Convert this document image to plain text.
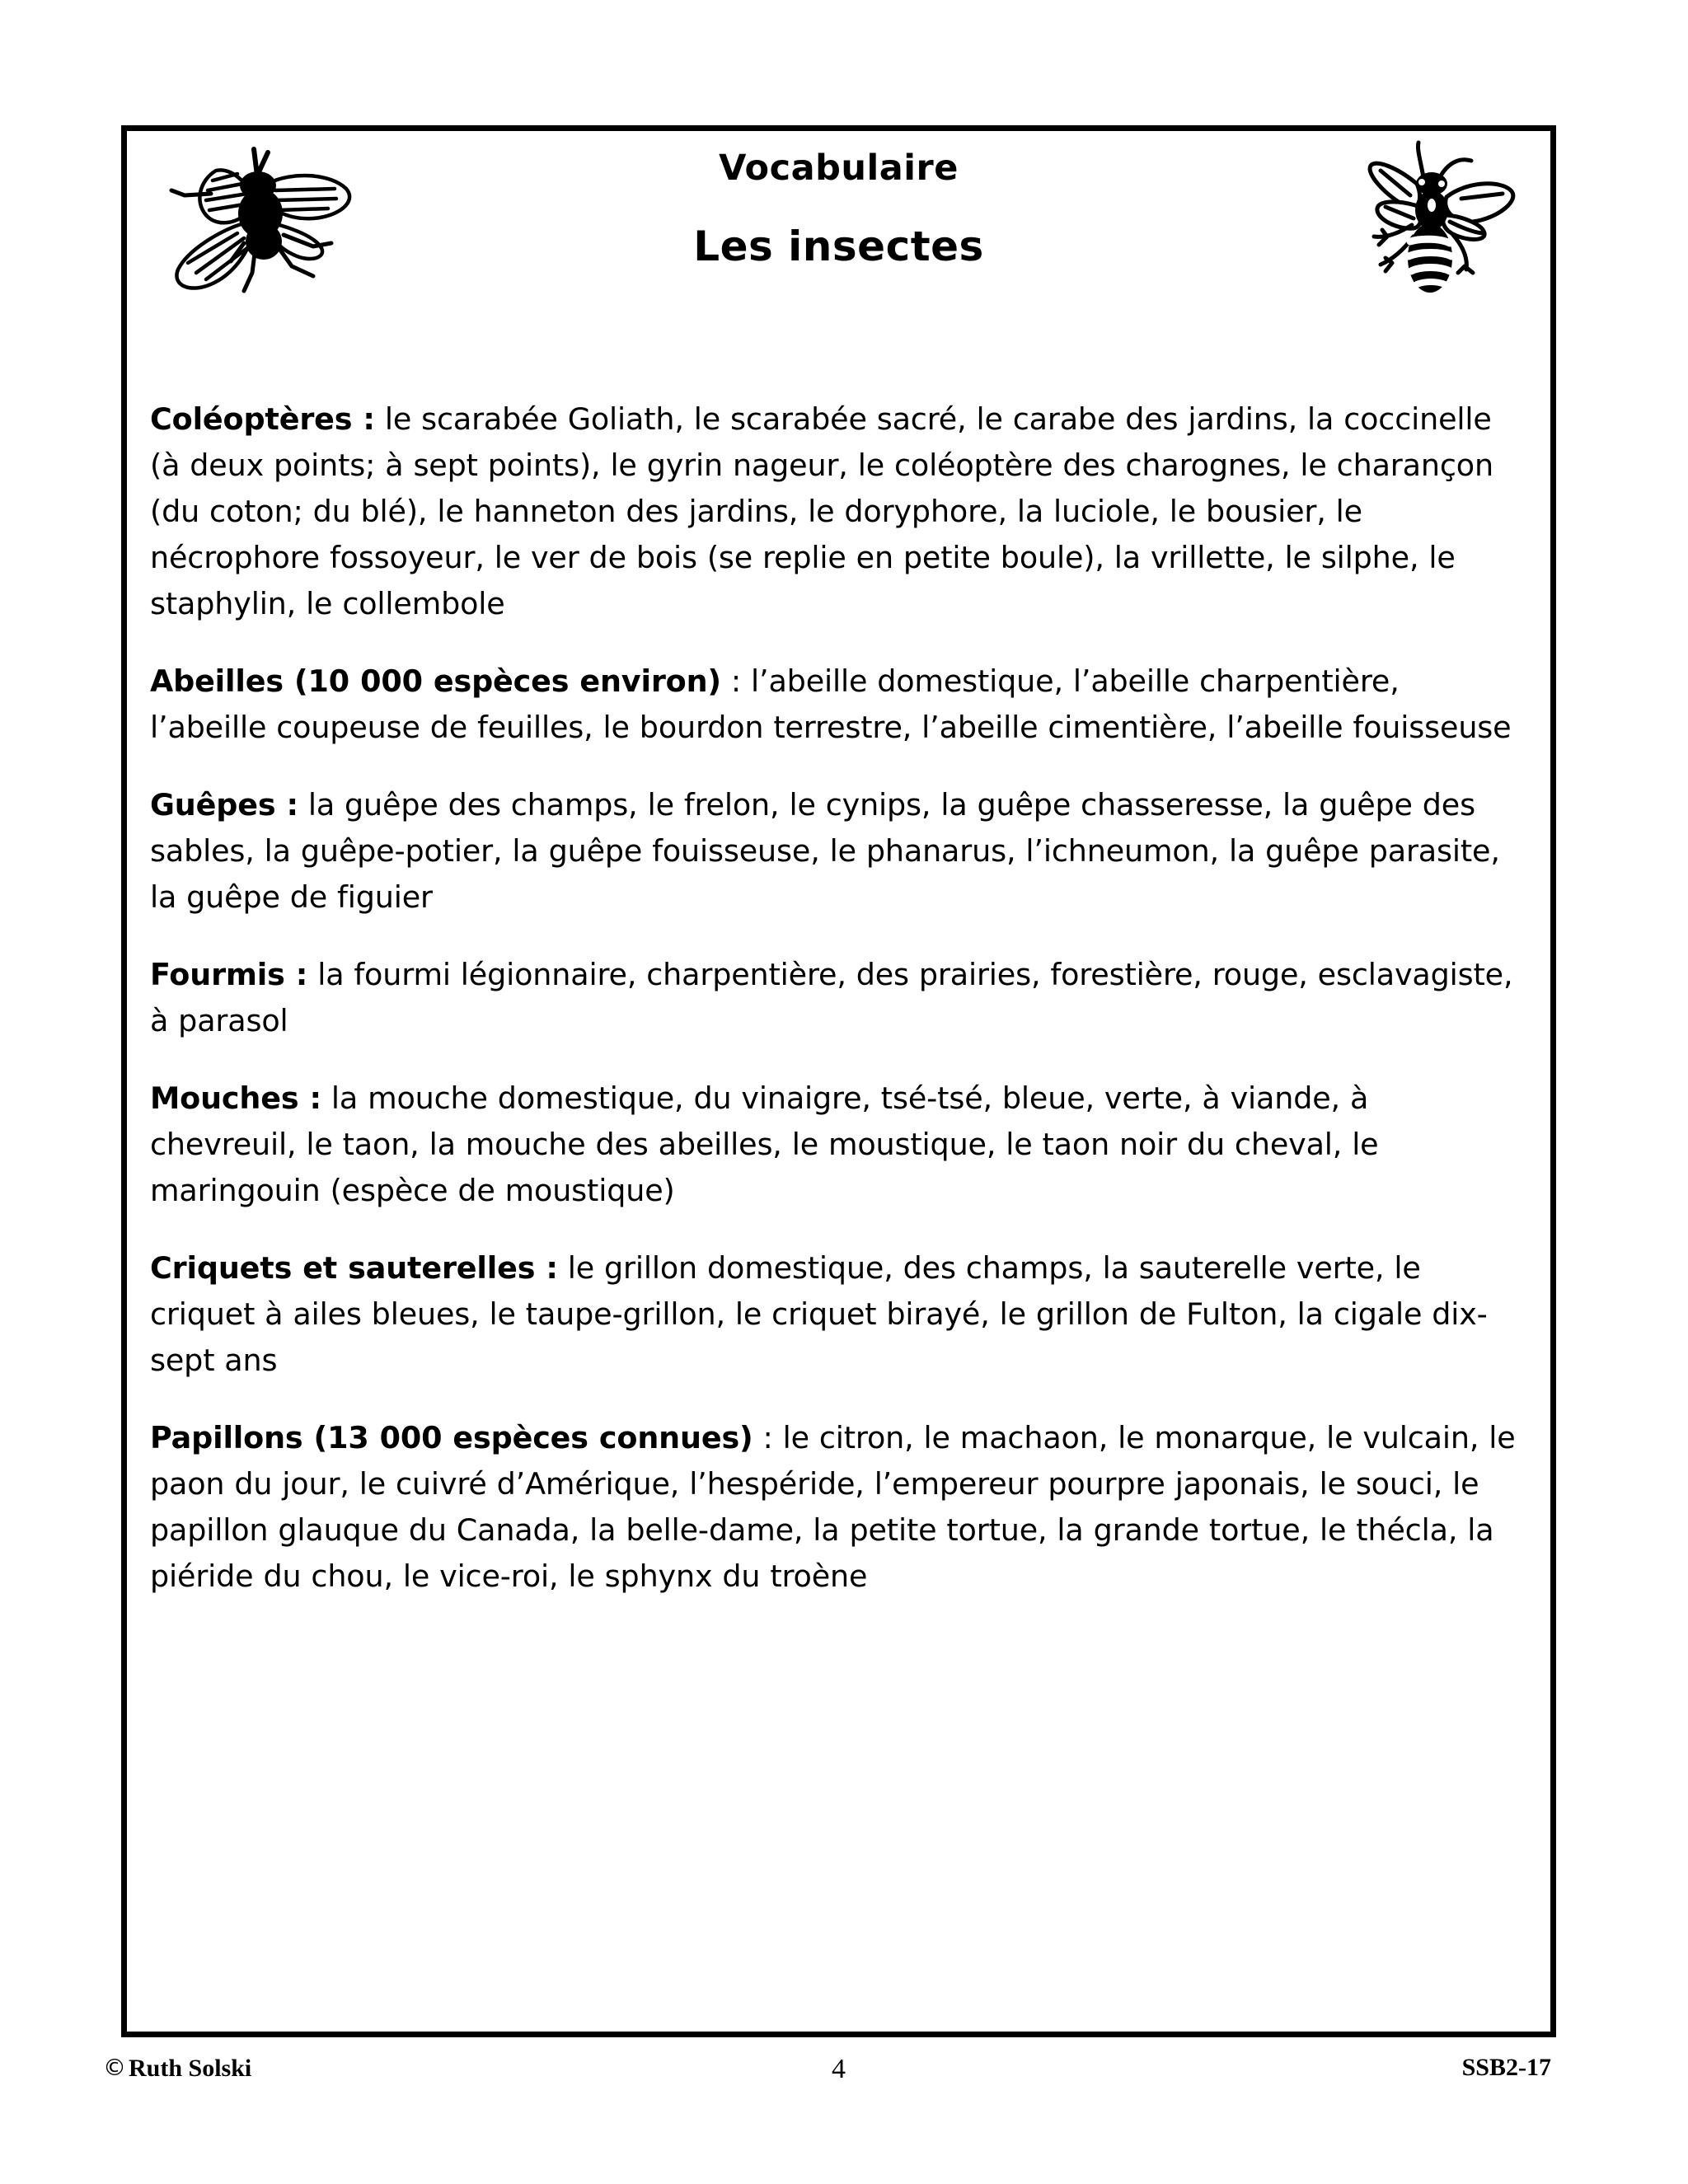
Vocabulaire
Les insectes

Coléoptères : le scarabée Goliath, le scarabée sacré, le carabe des jardins, la coccinelle (à deux points; à sept points), le gyrin nageur, le coléoptère des charognes, le charançon (du coton; du blé), le hanneton des jardins, le doryphore, la luciole, le bousier, le nécrophore fossoyeur, le ver de bois (se replie en petite boule), la vrillette, le silphe, le staphylin, le collembole

Abeilles (10 000 espèces environ) : l’abeille domestique, l’abeille charpentière, l’abeille coupeuse de feuilles, le bourdon terrestre, l’abeille cimentière, l’abeille fouisseuse

Guêpes : la guêpe des champs, le frelon, le cynips, la guêpe chasseresse, la guêpe des sables, la guêpe-potier, la guêpe fouisseuse, le phanarus, l’ichneumon, la guêpe parasite, la guêpe de figuier

Fourmis : la fourmi légionnaire, charpentière, des prairies, forestière, rouge, esclavagiste, à parasol

Mouches : la mouche domestique, du vinaigre, tsé-tsé, bleue, verte, à viande, à chevreuil, le taon, la mouche des abeilles, le moustique, le taon noir du cheval, le maringouin (espèce de moustique)

Criquets et sauterelles : le grillon domestique, des champs, la sauterelle verte, le criquet à ailes bleues, le taupe-grillon, le criquet birayé, le grillon de Fulton, la cigale dix-sept ans

Papillons (13 000 espèces connues) : le citron, le machaon, le monarque, le vulcain, le paon du jour, le cuivré d’Amérique, l’hespéride, l’empereur pourpre japonais, le souci, le papillon glauque du Canada, la belle-dame, la petite tortue, la grande tortue, le thécla, la piéride du chou, le vice-roi, le sphynx du troène

© Ruth Solski	4	SSB2-17
